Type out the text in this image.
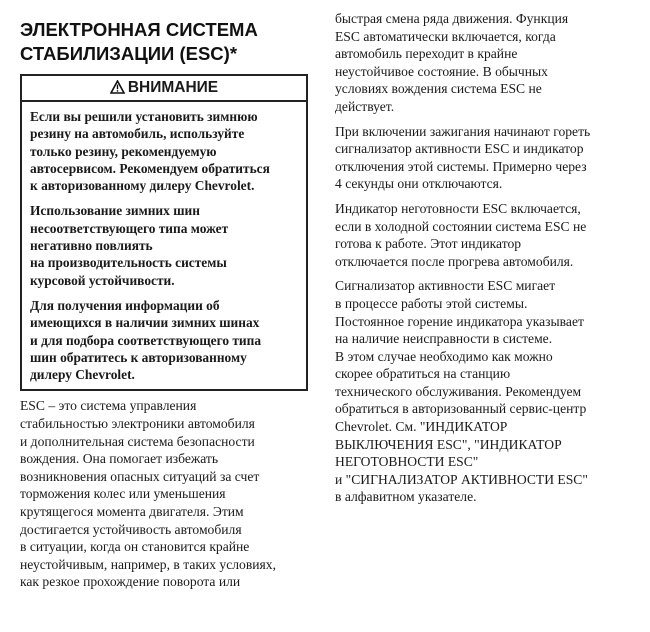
ЭЛЕКТРОННАЯ СИСТЕМА
СТАБИЛИЗАЦИИ (ESC)*
ВНИМАНИЕ

Если вы решили установить зимнюю
резину на автомобиль, используйте
только резину, рекомендуемую
автосервисом. Рекомендуем обратиться
к авторизованному дилеру Chevrolet.

Использование зимних шин
несоответствующего типа может
негативно повлиять
на производительность системы
курсовой устойчивости.

Для получения информации об
имеющихся в наличии зимних шинах
и для подбора соответствующего типа
шин обратитесь к авторизованному
дилеру Chevrolet.

ESC – это система управления
стабильностью электроники автомобиля
и дополнительная система безопасности
вождения. Она помогает избежать
возникновения опасных ситуаций за счет
торможения колес или уменьшения
крутящегося момента двигателя. Этим
достигается устойчивость автомобиля
в ситуации, когда он становится крайне
неустойчивым, например, в таких условиях,
как резкое прохождение поворота или

быстрая смена ряда движения. Функция
ESC автоматически включается, когда
автомобиль переходит в крайне
неустойчивое состояние. В обычных
условиях вождения система ESC не
действует.

При включении зажигания начинают гореть
сигнализатор активности ESC и индикатор
отключения этой системы. Примерно через
4 секунды они отключаются.

Индикатор неготовности ESC включается,
если в холодной состоянии система ESC не
готова к работе. Этот индикатор
отключается после прогрева автомобиля.

Сигнализатор активности ESC мигает
в процессе работы этой системы.
Постоянное горение индикатора указывает
на наличие неисправности в системе.
В этом случае необходимо как можно
скорее обратиться на станцию
технического обслуживания. Рекомендуем
обратиться в авторизованный сервис-центр
Chevrolet. См. "ИНДИКАТОР
ВЫКЛЮЧЕНИЯ ESC", "ИНДИКАТОР
НЕГОТОВНОСТИ ESC"
и "СИГНАЛИЗАТОР АКТИВНОСТИ ESC"
в алфавитном указателе.
